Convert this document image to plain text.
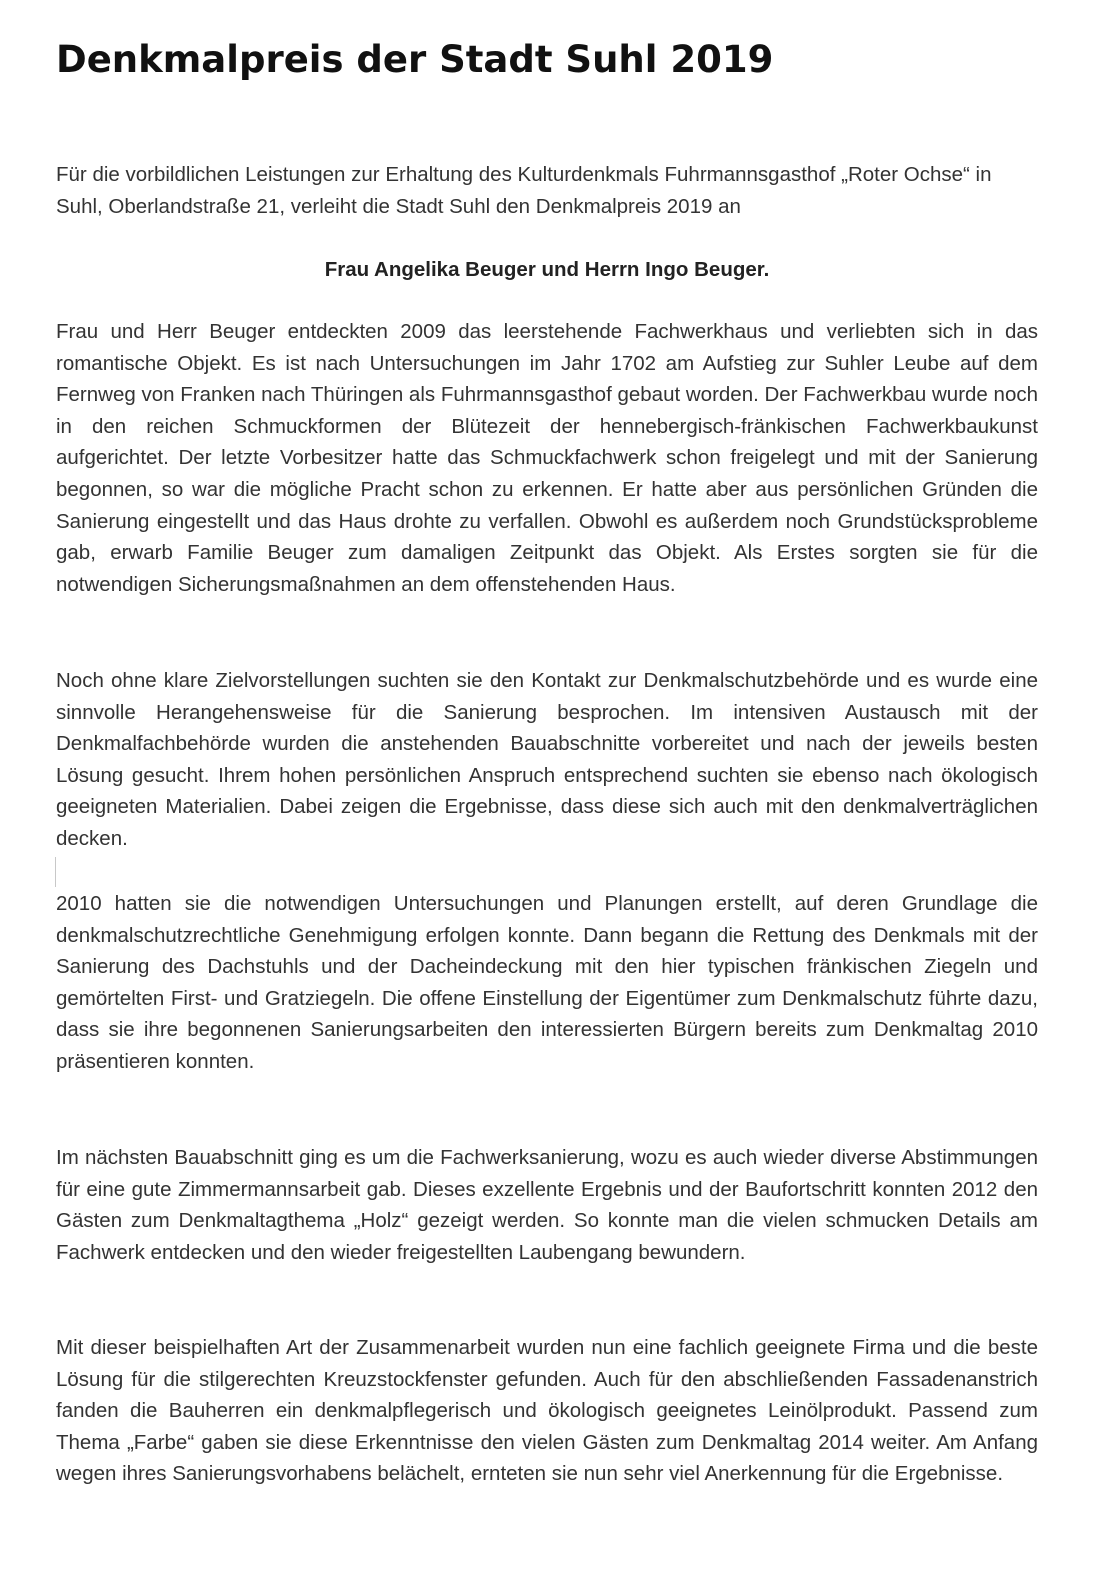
Denkmalpreis der Stadt Suhl 2019

Für die vorbildlichen Leistungen zur Erhaltung des Kulturdenkmals Fuhrmannsgasthof „Roter Ochse“ in Suhl, Oberlandstraße 21, verleiht die Stadt Suhl den Denkmalpreis 2019 an

Frau Angelika Beuger und Herrn Ingo Beuger.

Frau und Herr Beuger entdeckten 2009 das leerstehende Fachwerkhaus und verliebten sich in das romantische Objekt. Es ist nach Untersuchungen im Jahr 1702 am Aufstieg zur Suhler Leube auf dem Fernweg von Franken nach Thüringen als Fuhrmannsgasthof gebaut worden. Der Fachwerkbau wurde noch in den reichen Schmuckformen der Blütezeit der hennebergisch-fränkischen Fachwerkbaukunst aufgerichtet. Der letzte Vorbesitzer hatte das Schmuckfachwerk schon freigelegt und mit der Sanierung begonnen, so war die mögliche Pracht schon zu erkennen. Er hatte aber aus persönlichen Gründen die Sanierung eingestellt und das Haus drohte zu verfallen. Obwohl es außerdem noch Grundstücksprobleme gab, erwarb Familie Beuger zum damaligen Zeitpunkt das Objekt. Als Erstes sorgten sie für die notwendigen Sicherungsmaßnahmen an dem offenstehenden Haus.

Noch ohne klare Zielvorstellungen suchten sie den Kontakt zur Denkmalschutzbehörde und es wurde eine sinnvolle Herangehensweise für die Sanierung besprochen. Im intensiven Austausch mit der Denkmalfachbehörde wurden die anstehenden Bauabschnitte vorbereitet und nach der jeweils besten Lösung gesucht. Ihrem hohen persönlichen Anspruch entsprechend suchten sie ebenso nach ökologisch geeigneten Materialien. Dabei zeigen die Ergebnisse, dass diese sich auch mit den denkmalverträglichen decken.

2010 hatten sie die notwendigen Untersuchungen und Planungen erstellt, auf deren Grundlage die denkmalschutzrechtliche Genehmigung erfolgen konnte. Dann begann die Rettung des Denkmals mit der Sanierung des Dachstuhls und der Dacheindeckung mit den hier typischen fränkischen Ziegeln und gemörtelten First- und Gratziegeln. Die offene Einstellung der Eigentümer zum Denkmalschutz führte dazu, dass sie ihre begonnenen Sanierungsarbeiten den interessierten Bürgern bereits zum Denkmaltag 2010 präsentieren konnten.

Im nächsten Bauabschnitt ging es um die Fachwerksanierung, wozu es auch wieder diverse Abstimmungen für eine gute Zimmermannsarbeit gab. Dieses exzellente Ergebnis und der Baufortschritt konnten 2012 den Gästen zum Denkmaltagthema „Holz“ gezeigt werden. So konnte man die vielen schmucken Details am Fachwerk entdecken und den wieder freigestellten Laubengang bewundern.

Mit dieser beispielhaften Art der Zusammenarbeit wurden nun eine fachlich geeignete Firma und die beste Lösung für die stilgerechten Kreuzstockfenster gefunden. Auch für den abschließenden Fassadenanstrich fanden die Bauherren ein denkmalpflegerisch und ökologisch geeignetes Leinölprodukt. Passend zum Thema „Farbe“ gaben sie diese Erkenntnisse den vielen Gästen zum Denkmaltag 2014 weiter. Am Anfang wegen ihres Sanierungsvorhabens belächelt, ernteten sie nun sehr viel Anerkennung für die Ergebnisse.
